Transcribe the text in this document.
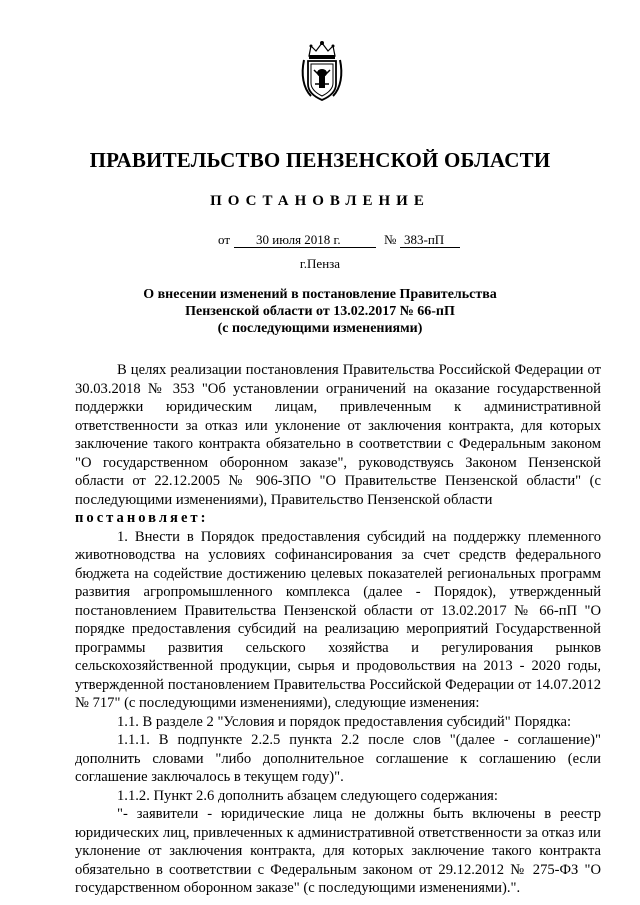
ПРАВИТЕЛЬСТВО ПЕНЗЕНСКОЙ ОБЛАСТИ
ПОСТАНОВЛЕНИЕ
от 30 июля 2018 г.	№ 383-пП
г.Пенза
О внесении изменений в постановление Правительства
Пензенской области от 13.02.2017 № 66-пП
(с последующими изменениями)

В целях реализации постановления Правительства Российской Федерации от 30.03.2018 № 353 "Об установлении ограничений на оказание государственной поддержки юридическим лицам, привлеченным к административной ответственности за отказ или уклонение от заключения контракта, для которых заключение такого контракта обязательно в соответствии с Федеральным законом "О государственном оборонном заказе", руководствуясь Законом Пензенской области от 22.12.2005 № 906-ЗПО "О Правительстве Пензенской области" (с последующими изменениями), Правительство Пензенской области

постановляет:

1. Внести в Порядок предоставления субсидий на поддержку племенного животноводства на условиях софинансирования за счет средств федерального бюджета на содействие достижению целевых показателей региональных программ развития агропромышленного комплекса (далее - Порядок), утвержденный постановлением Правительства Пензенской области от 13.02.2017 № 66-пП "О порядке предоставления субсидий на реализацию мероприятий Государственной программы развития сельского хозяйства и регулирования рынков сельскохозяйственной продукции, сырья и продовольствия на 2013 - 2020 годы, утвержденной постановлением Правительства Российской Федерации от 14.07.2012 № 717" (с последующими изменениями), следующие изменения:

1.1. В разделе 2 "Условия и порядок предоставления субсидий" Порядка:

1.1.1. В подпункте 2.2.5 пункта 2.2 после слов "(далее - соглашение)" дополнить словами "либо дополнительное соглашение к соглашению (если соглашение заключалось в текущем году)".

1.1.2. Пункт 2.6 дополнить абзацем следующего содержания:

"- заявители - юридические лица не должны быть включены в реестр юридических лиц, привлеченных к административной ответственности за отказ или уклонение от заключения контракта, для которых заключение такого контракта обязательно в соответствии с Федеральным законом от 29.12.2012 № 275-ФЗ "О государственном оборонном заказе" (с последующими изменениями).".
